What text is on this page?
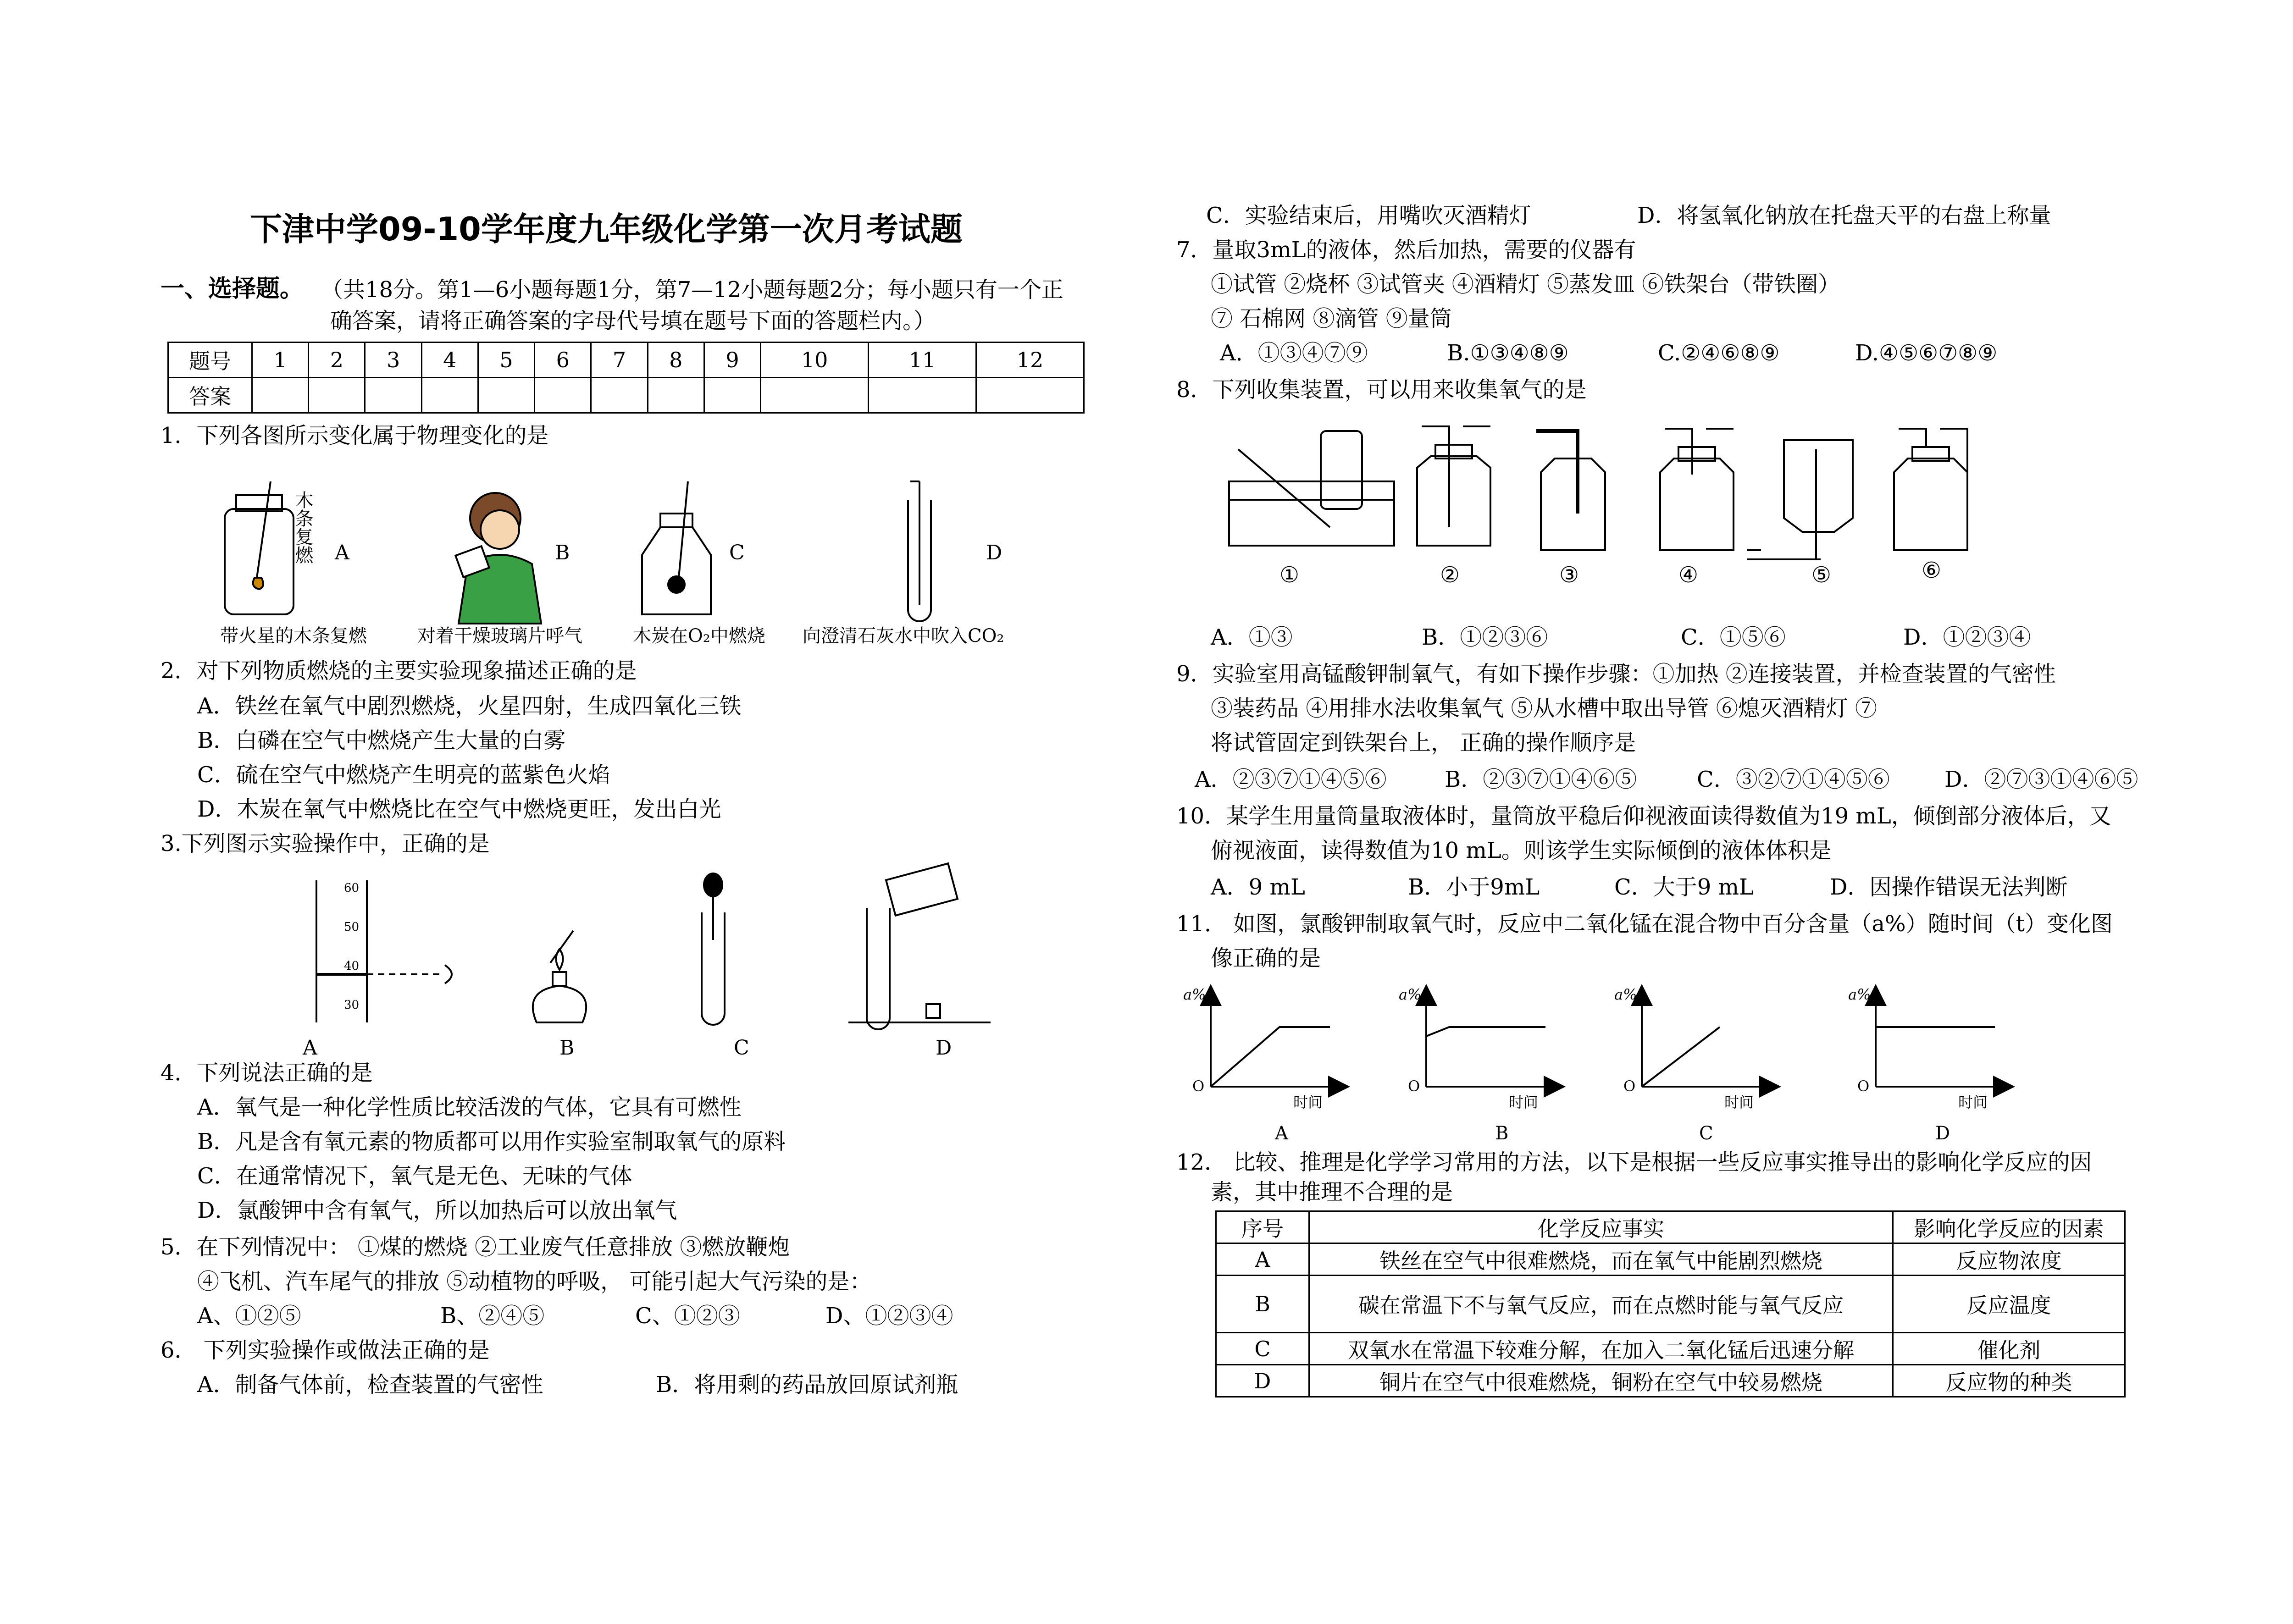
下津中学09-10学年度九年级化学第一次月考试题
一、选择题。 （共18分。第1—6小题每题1分，第7—12小题每题2分；每小题只有一个正
确答案，请将正确答案的字母代号填在题号下面的答题栏内。）
题号	1	2	3	4	5	6	7	8	9	10	11	12
答案												
1．下列各图所示变化属于物理变化的是
木条复燃 A	B	C	D
带火星的木条复燃	对着干燥玻璃片呼气	木炭在O₂中燃烧 向澄清石灰水中吹入CO₂
2．对下列物质燃烧的主要实验现象描述正确的是
A．铁丝在氧气中剧烈燃烧，火星四射，生成四氧化三铁
B．白磷在空气中燃烧产生大量的白雾
C．硫在空气中燃烧产生明亮的蓝紫色火焰
D．木炭在氧气中燃烧比在空气中燃烧更旺，发出白光
3.下列图示实验操作中，正确的是
60
50
40
30
A	B	C	D
4．下列说法正确的是
A．氧气是一种化学性质比较活泼的气体，它具有可燃性
B．凡是含有氧元素的物质都可以用作实验室制取氧气的原料
C．在通常情况下，氧气是无色、无味的气体
D．氯酸钾中含有氧气，所以加热后可以放出氧气
5．在下列情况中： ①煤的燃烧 ②工业废气任意排放 ③燃放鞭炮
④飞机、汽车尾气的排放 ⑤动植物的呼吸， 可能引起大气污染的是：
A、①②⑤	B、②④⑤	C、①②③	D、①②③④
6． 下列实验操作或做法正确的是
A．制备气体前，检查装置的气密性	B．将用剩的药品放回原试剂瓶
C．实验结束后，用嘴吹灭酒精灯	D．将氢氧化钠放在托盘天平的右盘上称量
7．量取3mL的液体，然后加热，需要的仪器有
①试管 ②烧杯 ③试管夹 ④酒精灯 ⑤蒸发皿 ⑥铁架台（带铁圈）
⑦ 石棉网 ⑧滴管 ⑨量筒
A．①③④⑦⑨	B.①③④⑧⑨	C.②④⑥⑧⑨	D.④⑤⑥⑦⑧⑨
8．下列收集装置，可以用来收集氧气的是
①	②	③	④	⑤	⑥
A．①③	B．①②③⑥	C．①⑤⑥	D．①②③④
9．实验室用高锰酸钾制氧气，有如下操作步骤：①加热 ②连接装置，并检查装置的气密性
③装药品 ④用排水法收集氧气 ⑤从水槽中取出导管 ⑥熄灭酒精灯 ⑦
将试管固定到铁架台上， 正确的操作顺序是
A．②③⑦①④⑤⑥	B．②③⑦①④⑥⑤	C．③②⑦①④⑤⑥ D．②⑦③①④⑥⑤
10．某学生用量筒量取液体时，量筒放平稳后仰视液面读得数值为19 mL，倾倒部分液体后，又
俯视液面，读得数值为10 mL。则该学生实际倾倒的液体体积是
A．9 mL	B．小于9mL	C．大于9 mL	D．因操作错误无法判断
11． 如图，氯酸钾制取氧气时，反应中二氧化锰在混合物中百分含量（a%）随时间（t）变化图
像正确的是
a%	a%	a%	a%
O	O	O	O
时间	时间	时间	时间
A	B	C	D
12． 比较、推理是化学学习常用的方法，以下是根据一些反应事实推导出的影响化学反应的因
素，其中推理不合理的是
序号	化学反应事实	影响化学反应的因素
A	铁丝在空气中很难燃烧，而在氧气中能剧烈燃烧	反应物浓度
B	碳在常温下不与氧气反应，而在点燃时能与氧气反应	反应温度
C	双氧水在常温下较难分解，在加入二氧化锰后迅速分解	催化剂
D	铜片在空气中很难燃烧，铜粉在空气中较易燃烧	反应物的种类
